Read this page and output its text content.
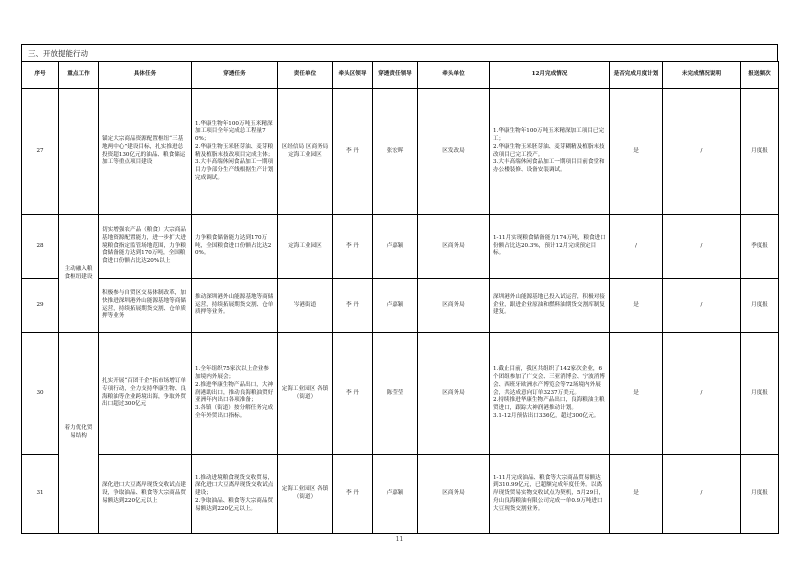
三、开放提能行动
序号	重点工作	具体任务	穿透任务	责任单位	牵头区领导	穿透责任领导	牵头单位	12月完成情况	是否完成月度计划	未完成情况说明	报送频次
27		锚定大宗商品资源配置枢纽“三基地两中心”建设目标，扎实推进总投资超130亿元的油品、粮食储运加工等重点项目建设	1.华康生物年100万吨玉米精深加工项目全年完成总工程量70%；
2.华康生物玉米胚芽油、麦芽粮精及植脂末技改项目完成主体；
3.大丰高端休闲食品加工一期项目力争部分生产线根据生产计划完成调试。	区经信局 区商务局 定海工业园区	李 丹	张宏晖	区发改局	1.华康生物年100万吨玉米精深加工项目已完工；
2.华康生物玉米胚芽油、麦芽糊精及植脂末技改项目已完工投产。
3.大丰高端休闲食品加工一期项目目前食堂和办公楼装修、设备安装调试。	是	/	月度报
28	主动融入粮食枢纽建设	切实增强农产品（粮食）大宗商品基地资源配置能力，进一步扩大进境粮食指定监管场地范围，力争粮食储备能力达到170万吨，全国粮食进口份额占比达20%以上	力争粮食储备能力达到170万吨，全国粮食进口份额占比达20%。	定海工业园区	李 丹	卢嘉颖	区商务局	1-11月实现粮食储备能力174万吨，粮食进口份额占比达20.3%，预计12月完成预定目标。	/	/	季度报
29		积极参与自贸区交易体制改革，加快推进深圳港外山能源基地等商储运营，持续拓展期货交割、仓单质押等业务	推动深圳港外山能源基地等商储运营，持续拓展期货交割、仓单质押等业务。	岑港街道	李 丹	卢嘉颖	区商务局	深圳港外山能源基地已投入试运营，积极对接企业，跟进企业原油和燃料油期货交割库制复建复。	是	/	月度报
30	着力优化贸易结构	扎实开展“百团千企”拓市场增订单专项行动，全力支持华康生物、良海粮油等企业跨境出海，争取外贸出口超过300亿元	1.全年组织75家次以上企业参加境内外展会；
2.推进华康生物产品出口，大神润港助出口，推动良海粮油贸好亚洲年内出口各项准备；
3.各镇（街道）按分解任务完成全年外贸出口指标。	定海工业园区 各镇（街道）	李 丹	陈莹莹	区商务局	1.截止目前，我区共组织了142家次企业，6个团组参加了广交会、三亚消博会、宁波消博会、西班牙欧洲水产博览会等72场境内外展会，共达成意向订单3237万美元。
2.持续推进华康生物产品出口，良海粮油主粮贸进口，跟踪大神润港推动计划。
3.1-12月预估出口336亿，超过300亿元。	是	/	月度报
31		深化进口大豆离岸现货交收试点建设，争取油品、粮食等大宗商品贸易额达到220亿元以上	1.推动进境粮食现货交收贸易，深化进口大豆离岸现货交收试点建设；
2.争取油品、粮食等大宗商品贸易额达到220亿元以上。	定海工业园区 各镇（街道）	李 丹	卢嘉颖	区商务局	1-11月完成油品、粮食等大宗商品贸易额达到310.99亿元，已超额完成年度任务。以离岸现货贸易实物交收试点为契机，5月29日，舟山良海粮油有限公司完成一单0.9万吨进口大豆现货交割业务。	是	/	月度报
11
